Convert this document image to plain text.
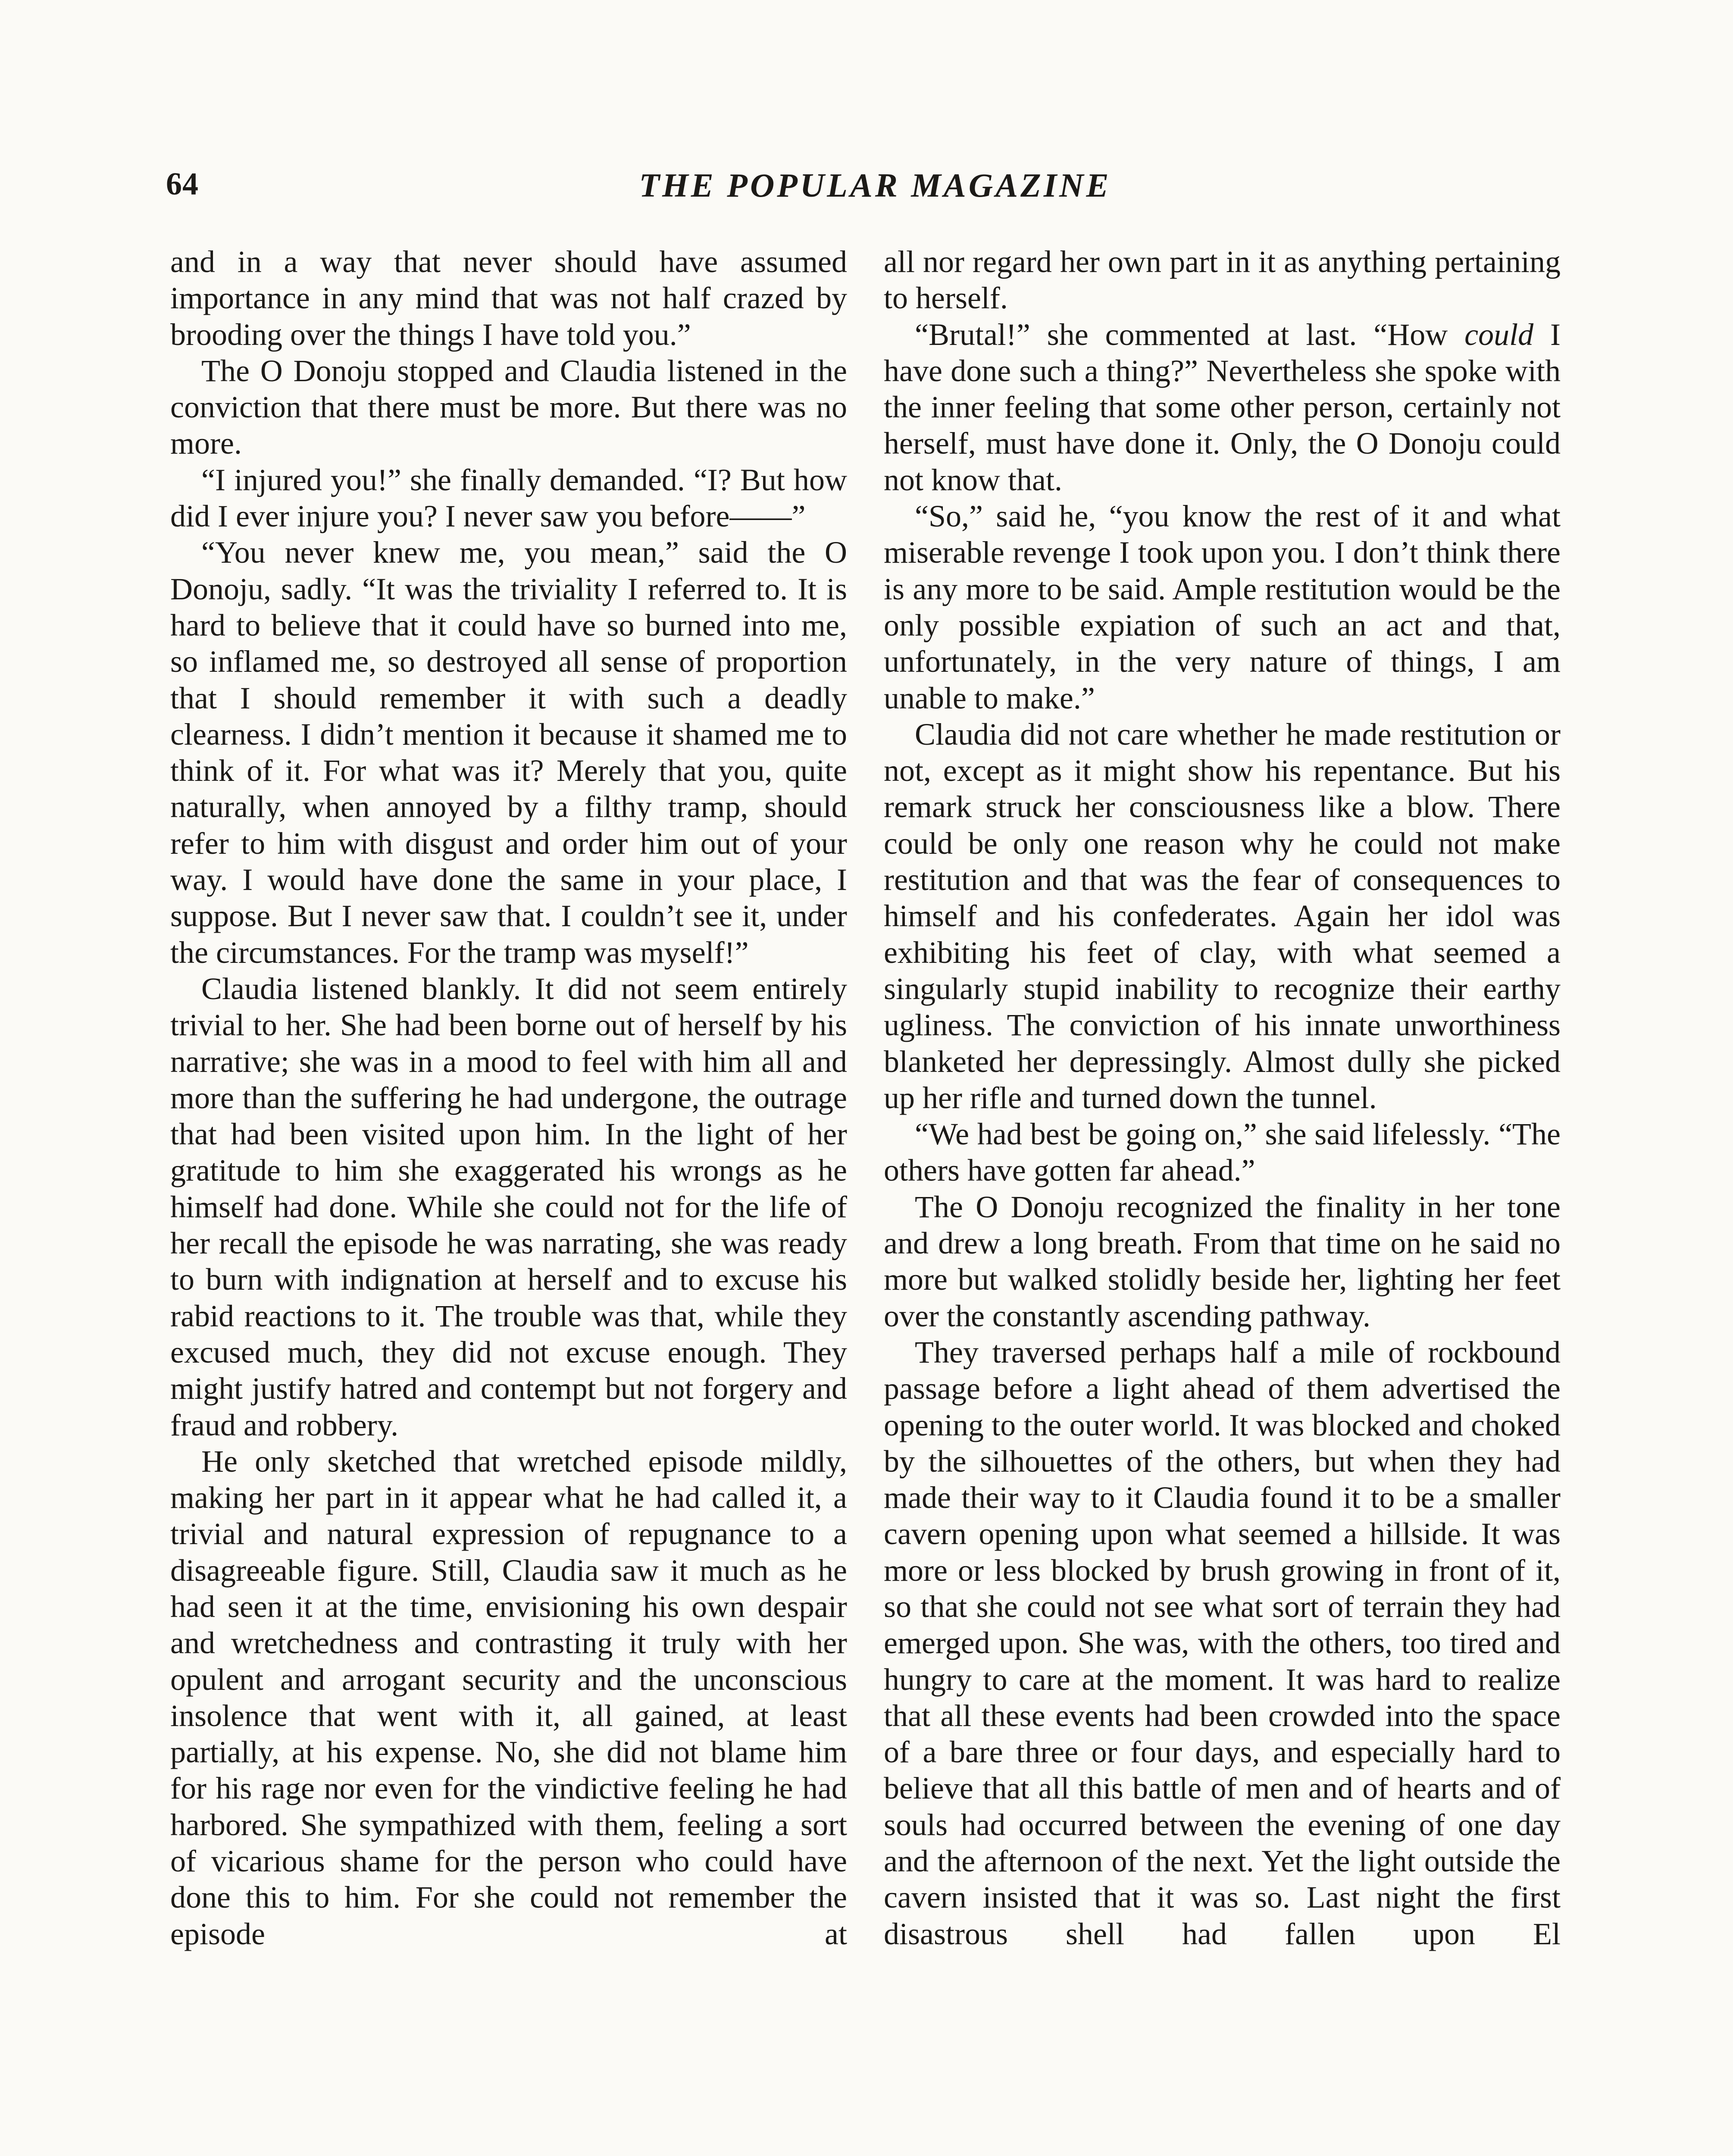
64	THE POPULAR MAGAZINE

and in a way that never should have assumed importance in any mind that was not half crazed by brooding over the things I have told you.”

The O Donoju stopped and Claudia listened in the conviction that there must be more. But there was no more.

“I injured you!” she finally demanded. “I? But how did I ever injure you? I never saw you before——”

“You never knew me, you mean,” said the O Donoju, sadly. “It was the triviality I referred to. It is hard to believe that it could have so burned into me, so inflamed me, so destroyed all sense of proportion that I should remember it with such a deadly clearness. I didn’t mention it because it shamed me to think of it. For what was it? Merely that you, quite naturally, when annoyed by a filthy tramp, should refer to him with disgust and order him out of your way. I would have done the same in your place, I suppose. But I never saw that. I couldn’t see it, under the circumstances. For the tramp was myself!”

Claudia listened blankly. It did not seem entirely trivial to her. She had been borne out of herself by his narrative; she was in a mood to feel with him all and more than the suffering he had undergone, the outrage that had been visited upon him. In the light of her gratitude to him she exaggerated his wrongs as he himself had done. While she could not for the life of her recall the episode he was narrating, she was ready to burn with indignation at herself and to excuse his rabid reactions to it. The trouble was that, while they excused much, they did not excuse enough. They might justify hatred and contempt but not forgery and fraud and robbery.

He only sketched that wretched episode mildly, making her part in it appear what he had called it, a trivial and natural expression of repugnance to a disagreeable figure. Still, Claudia saw it much as he had seen it at the time, envisioning his own despair and wretchedness and contrasting it truly with her opulent and arrogant security and the unconscious insolence that went with it, all gained, at least partially, at his expense. No, she did not blame him for his rage nor even for the vindictive feeling he had harbored. She sympathized with them, feeling a sort of vicarious shame for the person who could have done this to him. For she could not remember the episode at

all nor regard her own part in it as anything pertaining to herself.

“Brutal!” she commented at last. “How could I have done such a thing?” Nevertheless she spoke with the inner feeling that some other person, certainly not herself, must have done it. Only, the O Donoju could not know that.

“So,” said he, “you know the rest of it and what miserable revenge I took upon you. I don’t think there is any more to be said. Ample restitution would be the only possible expiation of such an act and that, unfortunately, in the very nature of things, I am unable to make.”

Claudia did not care whether he made restitution or not, except as it might show his repentance. But his remark struck her consciousness like a blow. There could be only one reason why he could not make restitution and that was the fear of consequences to himself and his confederates. Again her idol was exhibiting his feet of clay, with what seemed a singularly stupid inability to recognize their earthy ugliness. The conviction of his innate unworthiness blanketed her depressingly. Almost dully she picked up her rifle and turned down the tunnel.

“We had best be going on,” she said lifelessly. “The others have gotten far ahead.”

The O Donoju recognized the finality in her tone and drew a long breath. From that time on he said no more but walked stolidly beside her, lighting her feet over the constantly ascending pathway.

They traversed perhaps half a mile of rockbound passage before a light ahead of them advertised the opening to the outer world. It was blocked and choked by the silhouettes of the others, but when they had made their way to it Claudia found it to be a smaller cavern opening upon what seemed a hillside. It was more or less blocked by brush growing in front of it, so that she could not see what sort of terrain they had emerged upon. She was, with the others, too tired and hungry to care at the moment. It was hard to realize that all these events had been crowded into the space of a bare three or four days, and especially hard to believe that all this battle of men and of hearts and of souls had occurred between the evening of one day and the afternoon of the next. Yet the light outside the cavern insisted that it was so. Last night the first disastrous shell had fallen upon El
